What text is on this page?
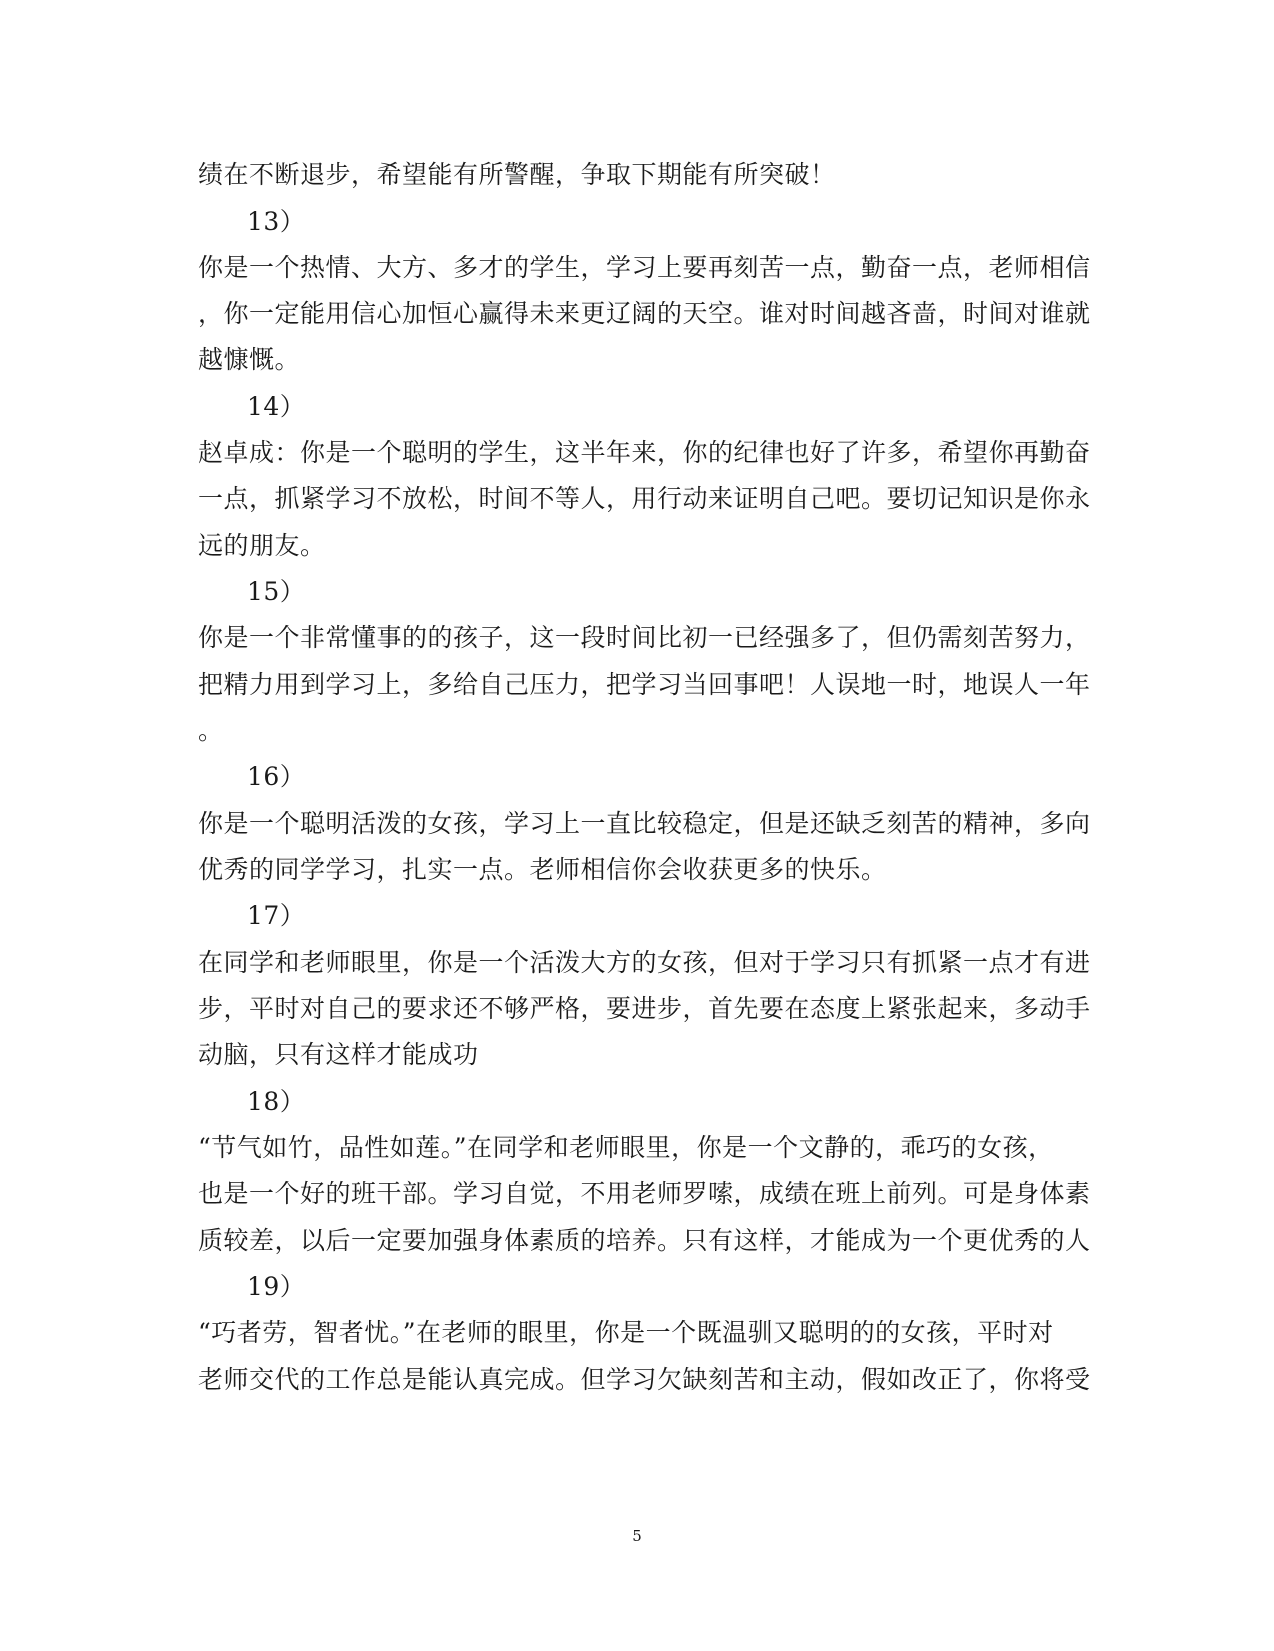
绩在不断退步，希望能有所警醒，争取下期能有所突破！
13）
你是一个热情、大方、多才的学生，学习上要再刻苦一点，勤奋一点，老师相信
，你一定能用信心加恒心赢得未来更辽阔的天空。谁对时间越吝啬，时间对谁就
越慷慨。
14）
赵卓成：你是一个聪明的学生，这半年来，你的纪律也好了许多，希望你再勤奋
一点，抓紧学习不放松，时间不等人，用行动来证明自己吧。要切记知识是你永
远的朋友。
15）
你是一个非常懂事的的孩子，这一段时间比初一已经强多了，但仍需刻苦努力，
把精力用到学习上，多给自己压力，把学习当回事吧！人误地一时，地误人一年
。
16）
你是一个聪明活泼的女孩，学习上一直比较稳定，但是还缺乏刻苦的精神，多向
优秀的同学学习，扎实一点。老师相信你会收获更多的快乐。
17）
在同学和老师眼里，你是一个活泼大方的女孩，但对于学习只有抓紧一点才有进
步，平时对自己的要求还不够严格，要进步，首先要在态度上紧张起来，多动手
动脑，只有这样才能成功
18）
“节气如竹，品性如莲。”在同学和老师眼里，你是一个文静的，乖巧的女孩，
也是一个好的班干部。学习自觉，不用老师罗嗦，成绩在班上前列。可是身体素
质较差，以后一定要加强身体素质的培养。只有这样，才能成为一个更优秀的人
19）
“巧者劳，智者忧。”在老师的眼里，你是一个既温驯又聪明的的女孩，平时对
老师交代的工作总是能认真完成。但学习欠缺刻苦和主动，假如改正了，你将受
5
